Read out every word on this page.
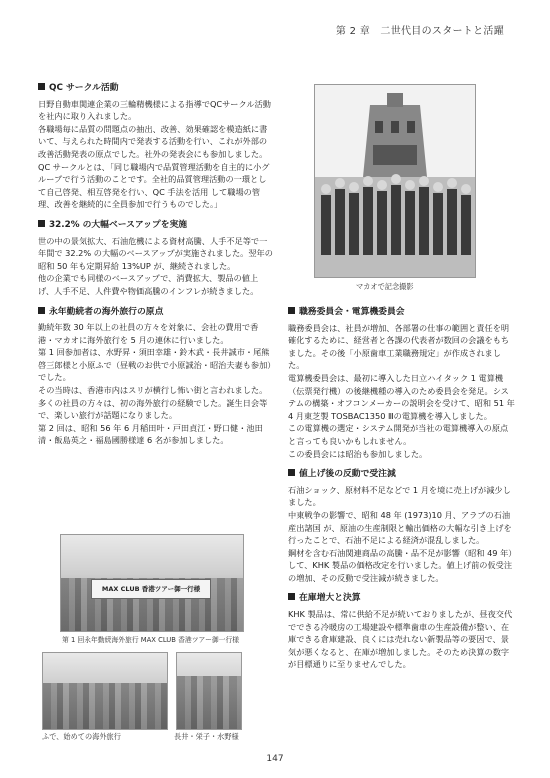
第 2 章　二世代目のスタートと活躍
マカオで記念撮影
QC サークル活動

日野自動車関連企業の三輪精機様による指導でQCサークル活動を社内に取り入れました。

各職場毎に品質の問題点の抽出、改善、効果確認を模造紙に書いて、与えられた時間内で発表する活動を行い、これが外部の改善活動発表の原点でした。社外の発表会にも参加しました。

QC サークルとは、「同じ職場内で品質管理活動を自主的に小グループで行う活動のことです。全社的品質管理活動の一環として自己啓発、相互啓発を行い、QC 手法を活用 して職場の管理、改善を継続的に全員参加で行うものでした。」

32.2% の大幅ベースアップを実施

世の中の景気拡大、石油危機による資材高騰、人手不足等で一年間で 32.2% の大幅のベースアップが実施されました。翌年の昭和 50 年も定期昇給 13%UP が、継続されました。

他の企業でも同様のベースアップで、消費拡大、製品の値上げ、人手不足、人件費や物価高騰のインフレが続きました。

永年勤続者の海外旅行の原点

勤続年数 30 年以上の社員の方々を対象に、会社の費用で香港・マカオに海外旅行を 5 月の連休に行いました。

第 1 回参加者は、水野昇・須田幸雄・鈴木武・長井誠市・尾熊啓三郎様と小原ふで（昼戦のお供で小原誠治・昭治夫妻も参加）でした。

その当時は、香港市内はスリが横行し怖い街と言われました。多くの社員の方々は、初の海外旅行の経験でした。誕生日会等で、楽しい旅行が話題になりました。

第 2 回は、昭和 56 年 6 月稲田叶・戸田貞江・野口健・池田清・飯島英之・福島國勝様達 6 名が参加しました。

MAX CLUB 香港ツアー御一行様
第 1 回永年勤続海外旅行 MAX CLUB 香港ツアー御一行様
ふで、始めての海外旅行	長井・栄子・水野様
職務委員会・電算機委員会

職務委員会は、社員が増加、各部署の仕事の範囲と責任を明確化するために、経営者と各課の代表者が数回の会議をもちました。その後「小原歯車工業職務規定」が作成されました。

電算機委員会は、最初に導入した日立ハイタック 1 電算機（伝票発行機）の後継機種の導入のため委員会を発足。システムの構築・オフコンメーカーの説明会を受けて、昭和 51 年 4 月東芝製 TOSBAC1350 Ⅲの電算機を導入しました。

この電算機の選定・システム開発が当社の電算機導入の原点と言っても良いかもしれません。

この委員会には昭治も参加しました。

値上げ後の反動で受注減

石油ショック、原材料不足などで 1 月を境に売上げが減少しました。

中東戦争の影響で、昭和 48 年 (1973)10 月、アラブの石油産出諸国 が、原油の生産制限と輸出価格の大幅な引き上げを行ったことで、石油不足による経済が混乱しました。

鋼材を含む石油関連商品の高騰・品不足が影響（昭和 49 年）して、KHK 製品の価格改定を行いました。値上げ前の仮受注の増加、その反動で受注減が続きました。

在庫増大と決算

KHK 製品は、常に供給不足が続いておりましたが、昼夜交代でできる冷暖房の工場建設や標準歯車の生産設備が整い、在庫できる倉庫建設、良くには売れない新製品等の要因で、景気が悪くなると、在庫が増加しました。そのため決算の数字が目標通りに至りませんでした。

147
